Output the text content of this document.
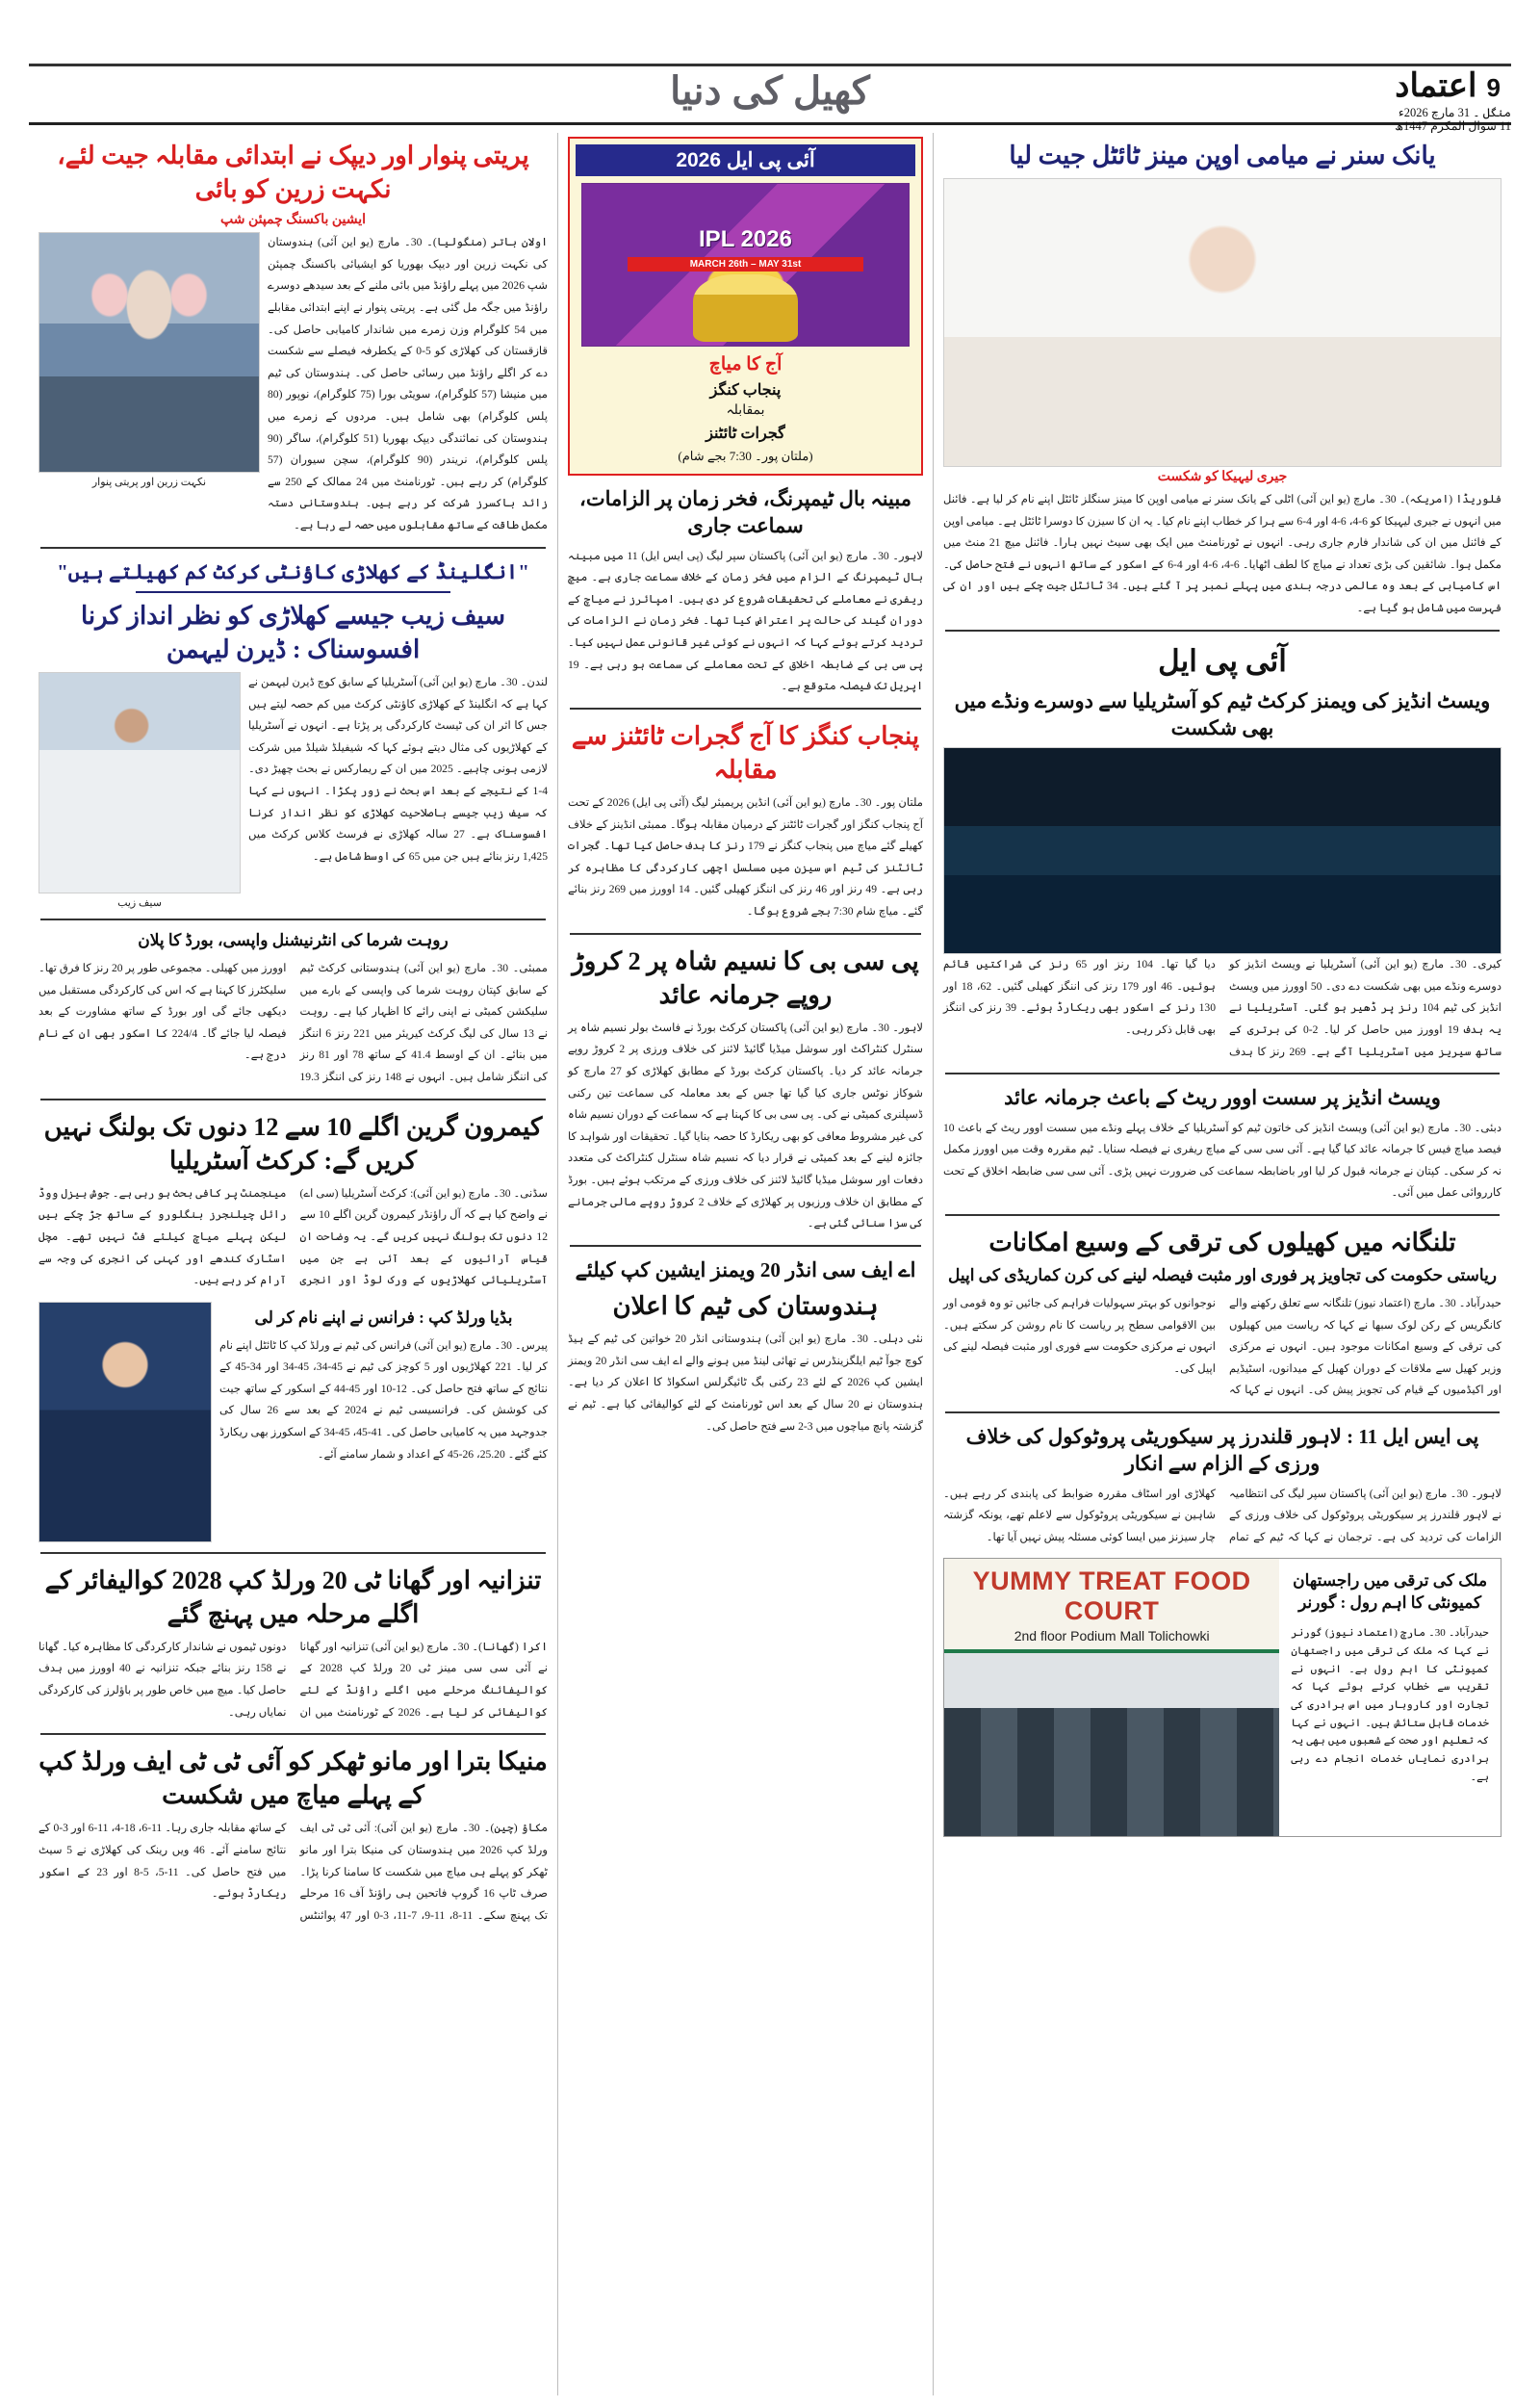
اعتماد 9
منگل ۔ 31 مارچ 2026ء
11 شوال المکرم 1447ھ
کھیل کی دنیا
یانک سنر نے میامی اوپن مینز ٹائٹل جیت لیا
جیری لیہیکا کو شکست
فلوریڈا (امریکہ)۔ 30۔ مارچ (یو این آئی) اٹلی کے یانک سنر نے میامی اوپن کا مینز سنگلز ٹائٹل اپنے نام کر لیا ہے۔ فائنل میں انہوں نے جیری لیہیکا کو 6-4، 6-4 اور 4-6 سے ہرا کر خطاب اپنے نام کیا۔ یہ ان کا سیزن کا دوسرا ٹائٹل ہے۔ میامی اوپن کے فائنل میں ان کی شاندار فارم جاری رہی۔ انہوں نے ٹورنامنٹ میں ایک بھی سیٹ نہیں ہارا۔ فائنل میچ 21 منٹ میں مکمل ہوا۔ شائقین کی بڑی تعداد نے میاچ کا لطف اٹھایا۔ 6-4، 6-4 اور 4-6 کے اسکور کے ساتھ انہوں نے فتح حاصل کی۔ اس کامیابی کے بعد وہ عالمی درجہ بندی میں پہلے نمبر پر آ گئے ہیں۔ 34 ٹائٹل جیت چکے ہیں اور ان کی فہرست میں شامل ہو گیا ہے۔
آئی پی ایل
ویسٹ انڈیز کی ویمنز کرکٹ ٹیم کو آسٹریلیا سے دوسرے ونڈے میں بھی شکست
کیری۔ 30۔ مارچ (یو این آئی) آسٹریلیا نے ویسٹ انڈیز کو دوسرے ونڈے میں بھی شکست دے دی۔ 50 اوورز میں ویسٹ انڈیز کی ٹیم 104 رنز پر ڈھیر ہو گئی۔ آسٹریلیا نے یہ ہدف 19 اوورز میں حاصل کر لیا۔ 2-0 کی برتری کے ساتھ سیریز میں آسٹریلیا آگے ہے۔ 269 رنز کا ہدف دیا گیا تھا۔ 104 رنز اور 65 رنز کی شراکتیں قائم ہوئیں۔ 46 اور 179 رنز کی اننگز کھیلی گئیں۔ 62، 18 اور 130 رنز کے اسکور بھی ریکارڈ ہوئے۔ 39 رنز کی اننگز بھی قابل ذکر رہی۔
ویسٹ انڈیز پر سست اوور ریٹ کے باعث جرمانہ عائد
دبئی۔ 30۔ مارچ (یو این آئی) ویسٹ انڈیز کی خاتون ٹیم کو آسٹریلیا کے خلاف پہلے ونڈے میں سست اوور ریٹ کے باعث 10 فیصد میاچ فیس کا جرمانہ عائد کیا گیا ہے۔ آئی سی سی کے میاچ ریفری نے فیصلہ سنایا۔ ٹیم مقررہ وقت میں اوورز مکمل نہ کر سکی۔ کپتان نے جرمانہ قبول کر لیا اور باضابطہ سماعت کی ضرورت نہیں پڑی۔ آئی سی سی ضابطہ اخلاق کے تحت کارروائی عمل میں آئی۔
تلنگانہ میں کھیلوں کی ترقی کے وسیع امکانات
ریاستی حکومت کی تجاویز پر فوری اور مثبت فیصلہ لینے کی کرن کماریڈی کی اپیل
حیدرآباد۔ 30۔ مارچ (اعتماد نیوز) تلنگانہ سے تعلق رکھنے والے کانگریس کے رکن لوک سبھا نے کہا کہ ریاست میں کھیلوں کی ترقی کے وسیع امکانات موجود ہیں۔ انہوں نے مرکزی وزیر کھیل سے ملاقات کے دوران کھیل کے میدانوں، اسٹیڈیم اور اکیڈمیوں کے قیام کی تجویز پیش کی۔ انہوں نے کہا کہ نوجوانوں کو بہتر سہولیات فراہم کی جائیں تو وہ قومی اور بین الاقوامی سطح پر ریاست کا نام روشن کر سکتے ہیں۔ انہوں نے مرکزی حکومت سے فوری اور مثبت فیصلہ لینے کی اپیل کی۔
پی ایس ایل 11 : لاہور قلندرز پر سیکوریٹی پروٹوکول کی خلاف ورزی کے الزام سے انکار
لاہور۔ 30۔ مارچ (یو این آئی) پاکستان سپر لیگ کی انتظامیہ نے لاہور قلندرز پر سیکوریٹی پروٹوکول کی خلاف ورزی کے الزامات کی تردید کی ہے۔ ترجمان نے کہا کہ ٹیم کے تمام کھلاڑی اور اسٹاف مقررہ ضوابط کی پابندی کر رہے ہیں۔ شاہین نے سیکوریٹی پروٹوکول سے لاعلم تھے، یونکہ گزشتہ چار سیزنز میں ایسا کوئی مسئلہ پیش نہیں آیا تھا۔
ملک کی ترقی میں راجستھان کمیونٹی کا اہم رول : گورنر
حیدرآباد۔ 30۔ مارچ (اعتماد نیوز) گورنر نے کہا کہ ملک کی ترقی میں راجستھان کمیونٹی کا اہم رول ہے۔ انہوں نے تقریب سے خطاب کرتے ہوئے کہا کہ تجارت اور کاروبار میں اس برادری کی خدمات قابل ستائش ہیں۔ انہوں نے کہا کہ تعلیم اور صحت کے شعبوں میں بھی یہ برادری نمایاں خدمات انجام دے رہی ہے۔
YUMMY TREAT FOOD COURT
2nd floor Podium Mall Tolichowki
آئی پی ایل 2026
IPL 2026
MARCH 26th – MAY 31st
آج کا میاچ
پنجاب کنگز
بمقابلہ
گجرات ٹائٹنز
(ملتان پور۔ 7:30 بجے شام)
مبینہ بال ٹیمپرنگ، فخر زمان پر الزامات، سماعت جاری
لاہور۔ 30۔ مارچ (یو این آئی) پاکستان سپر لیگ (پی ایس ایل) 11 میں مبینہ بال ٹیمپرنگ کے الزام میں فخر زمان کے خلاف سماعت جاری ہے۔ میچ ریفری نے معاملے کی تحقیقات شروع کر دی ہیں۔ امپائرز نے میاچ کے دوران گیند کی حالت پر اعتراض کیا تھا۔ فخر زمان نے الزامات کی تردید کرتے ہوئے کہا کہ انہوں نے کوئی غیر قانونی عمل نہیں کیا۔ پی سی بی کے ضابطہ اخلاق کے تحت معاملے کی سماعت ہو رہی ہے۔ 19 اپریل تک فیصلہ متوقع ہے۔
پنجاب کنگز کا آج گجرات ٹائٹنز سے مقابلہ
ملتان پور۔ 30۔ مارچ (یو این آئی) انڈین پریمیئر لیگ (آئی پی ایل) 2026 کے تحت آج پنجاب کنگز اور گجرات ٹائٹنز کے درمیان مقابلہ ہوگا۔ ممبئی انڈینز کے خلاف کھیلے گئے میاچ میں پنجاب کنگز نے 179 رنز کا ہدف حاصل کیا تھا۔ گجرات ٹائٹنز کی ٹیم اس سیزن میں مسلسل اچھی کارکردگی کا مظاہرہ کر رہی ہے۔ 49 رنز اور 46 رنز کی اننگز کھیلی گئیں۔ 14 اوورز میں 269 رنز بنائے گئے۔ میاچ شام 7:30 بجے شروع ہوگا۔
پی سی بی کا نسیم شاہ پر 2 کروڑ روپے جرمانہ عائد
لاہور۔ 30۔ مارچ (یو این آئی) پاکستان کرکٹ بورڈ نے فاسٹ بولر نسیم شاہ پر سنٹرل کنٹراکٹ اور سوشل میڈیا گائیڈ لائنز کی خلاف ورزی پر 2 کروڑ روپے جرمانہ عائد کر دیا۔ پاکستان کرکٹ بورڈ کے مطابق کھلاڑی کو 27 مارچ کو شوکاز نوٹس جاری کیا گیا تھا جس کے بعد معاملہ کی سماعت تین رکنی ڈسپلنری کمیٹی نے کی۔ پی سی بی کا کہنا ہے کہ سماعت کے دوران نسیم شاہ کی غیر مشروط معافی کو بھی ریکارڈ کا حصہ بنایا گیا۔ تحقیقات اور شواہد کا جائزہ لینے کے بعد کمیٹی نے قرار دیا کہ نسیم شاہ سنٹرل کنٹراکٹ کی متعدد دفعات اور سوشل میڈیا گائیڈ لائنز کی خلاف ورزی کے مرتکب ہوئے ہیں۔ بورڈ کے مطابق ان خلاف ورزیوں پر کھلاڑی کے خلاف 2 کروڑ روپے مالی جرمانے کی سزا سنائی گئی ہے۔
اے ایف سی انڈر 20 ویمنز ایشین کپ کیلئے
ہندوستان کی ٹیم کا اعلان
نئی دہلی۔ 30۔ مارچ (یو این آئی) ہندوستانی انڈر 20 خواتین کی ٹیم کے ہیڈ کوچ جوآ ٹیم ایلگزینڈرس نے تھائی لینڈ میں ہونے والے اے ایف سی انڈر 20 ویمنز ایشین کپ 2026 کے لئے 23 رکنی بگ ٹائیگرلس اسکواڈ کا اعلان کر دیا ہے۔ ہندوستان نے 20 سال کے بعد اس ٹورنامنٹ کے لئے کوالیفائی کیا ہے۔ ٹیم نے گزشتہ پانچ میاچوں میں 3-2 سے فتح حاصل کی۔
پریتی پنوار اور دیپک نے ابتدائی مقابلہ جیت لئے، نکہت زرین کو بائی
ایشین باکسنگ چمپئن شپ
اولان باتر (منگولیا)۔ 30۔ مارچ (یو این آئی) ہندوستان کی نکہت زرین اور دیپک بھوریا کو ایشیائی باکسنگ چمپئن شپ 2026 میں پہلے راؤنڈ میں بائی ملنے کے بعد سیدھے دوسرے راؤنڈ میں جگہ مل گئی ہے۔ پریتی پنوار نے اپنے ابتدائی مقابلے میں 54 کلوگرام وزن زمرے میں شاندار کامیابی حاصل کی۔ قازقستان کی کھلاڑی کو 5-0 کے یکطرفہ فیصلے سے شکست دے کر اگلے راؤنڈ میں رسائی حاصل کی۔ ہندوستان کی ٹیم میں منیشا (57 کلوگرام)، سویٹی بورا (75 کلوگرام)، نوپور (80 پلس کلوگرام) بھی شامل ہیں۔ مردوں کے زمرے میں ہندوستان کی نمائندگی دیپک بھوریا (51 کلوگرام)، ساگر (90 پلس کلوگرام)، نریندر (90 کلوگرام)، سچن سیوران (57 کلوگرام) کر رہے ہیں۔ ٹورنامنٹ میں 24 ممالک کے 250 سے زائد باکسرز شرکت کر رہے ہیں۔ ہندوستانی دستہ مکمل طاقت کے ساتھ مقابلوں میں حصہ لے رہا ہے۔
نکہت زرین اور پریتی پنوار
"انگلینڈ کے کھلاڑی کاؤنٹی کرکٹ کم کھیلتے ہیں"
سیف زیب جیسے کھلاڑی کو نظر انداز کرنا افسوسناک : ڈیرن لیہمن
لندن۔ 30۔ مارچ (یو این آئی) آسٹریلیا کے سابق کوچ ڈیرن لیہمن نے کہا ہے کہ انگلینڈ کے کھلاڑی کاؤنٹی کرکٹ میں کم حصہ لیتے ہیں جس کا اثر ان کی ٹیسٹ کارکردگی پر پڑتا ہے۔ انہوں نے آسٹریلیا کے کھلاڑیوں کی مثال دیتے ہوئے کہا کہ شیفیلڈ شیلڈ میں شرکت لازمی ہونی چاہیے۔ 2025 میں ان کے ریمارکس نے بحث چھیڑ دی۔ 4-1 کے نتیجے کے بعد اس بحث نے زور پکڑا۔ انہوں نے کہا کہ سیف زیب جیسے باصلاحیت کھلاڑی کو نظر انداز کرنا افسوسناک ہے۔ 27 سالہ کھلاڑی نے فرسٹ کلاس کرکٹ میں 1,425 رنز بنائے ہیں جن میں 65 کی اوسط شامل ہے۔
سیف زیب
روہت شرما کی انٹرنیشنل واپسی، بورڈ کا پلان
ممبئی۔ 30۔ مارچ (یو این آئی) ہندوستانی کرکٹ ٹیم کے سابق کپتان روہت شرما کی واپسی کے بارے میں سلیکشن کمیٹی نے اپنی رائے کا اظہار کیا ہے۔ روہت نے 13 سال کی لیگ کرکٹ کیریئر میں 221 رنز 6 اننگز میں بنائے۔ ان کے اوسط 41.4 کے ساتھ 78 اور 81 رنز کی اننگز شامل ہیں۔ انہوں نے 148 رنز کی اننگز 19.3 اوورز میں کھیلی۔ مجموعی طور پر 20 رنز کا فرق تھا۔ سلیکٹرز کا کہنا ہے کہ اس کی کارکردگی مستقبل میں دیکھی جائے گی اور بورڈ کے ساتھ مشاورت کے بعد فیصلہ لیا جائے گا۔ 224/4 کا اسکور بھی ان کے نام درج ہے۔
کیمرون گرین اگلے 10 سے 12 دنوں تک بولنگ نہیں کریں گے: کرکٹ آسٹریلیا
سڈنی۔ 30۔ مارچ (یو این آئی): کرکٹ آسٹریلیا (سی اے) نے واضح کیا ہے کہ آل راؤنڈر کیمرون گرین اگلے 10 سے 12 دنوں تک بولنگ نہیں کریں گے۔ یہ وضاحت ان قیاس آرائیوں کے بعد آئی ہے جن میں آسٹریلیائی کھلاڑیوں کے ورک لوڈ اور انجری مینجمنٹ پر کافی بحث ہو رہی ہے۔ جوش ہیزل ووڈ رائل چیلنجرز بنگلورو کے ساتھ جڑ چکے ہیں لیکن پہلے میاچ کیلئے فٹ نہیں تھے۔ مچل اسٹارک کندھے اور کہنی کی انجری کی وجہ سے آرام کر رہے ہیں۔
بڈیا ورلڈ کپ : فرانس نے اپنے نام کر لی
پیرس۔ 30۔ مارچ (یو این آئی) فرانس کی ٹیم نے ورلڈ کپ کا ٹائٹل اپنے نام کر لیا۔ 221 کھلاڑیوں اور 5 کوچز کی ٹیم نے 45-34، 45-34 اور 34-45 کے نتائج کے ساتھ فتح حاصل کی۔ 12-10 اور 45-44 کے اسکور کے ساتھ جیت کی کوشش کی۔ فرانسیسی ٹیم نے 2024 کے بعد سے 26 سال کی جدوجہد میں یہ کامیابی حاصل کی۔ 41-45، 45-34 کے اسکورز بھی ریکارڈ کئے گئے۔ 25.20، 26-45 کے اعداد و شمار سامنے آئے۔
تنزانیہ اور گھانا ٹی 20 ورلڈ کپ 2028 کوالیفائر کے اگلے مرحلہ میں پہنچ گئے
اکرا (گھانا)۔ 30۔ مارچ (یو این آئی) تنزانیہ اور گھانا نے آئی سی سی مینز ٹی 20 ورلڈ کپ 2028 کے کوالیفائنگ مرحلے میں اگلے راؤنڈ کے لئے کوالیفائی کر لیا ہے۔ 2026 کے ٹورنامنٹ میں ان دونوں ٹیموں نے شاندار کارکردگی کا مظاہرہ کیا۔ گھانا نے 158 رنز بنائے جبکہ تنزانیہ نے 40 اوورز میں ہدف حاصل کیا۔ میچ میں خاص طور پر باؤلرز کی کارکردگی نمایاں رہی۔
منیکا بترا اور مانو ٹھکر کو آئی ٹی ٹی ایف ورلڈ کپ کے پہلے میاچ میں شکست
مکاؤ (چین)۔ 30۔ مارچ (یو این آئی): آئی ٹی ٹی ایف ورلڈ کپ 2026 میں ہندوستان کی منیکا بترا اور مانو ٹھکر کو پہلے ہی میاچ میں شکست کا سامنا کرنا پڑا۔ صرف ٹاپ 16 گروپ فاتحین ہی راؤنڈ آف 16 مرحلے تک پہنچ سکے۔ 11-8، 11-9، 7-11، 3-0 اور 47 پوائنٹس کے ساتھ مقابلہ جاری رہا۔ 11-6، 18-4، 11-6 اور 3-0 کے نتائج سامنے آئے۔ 46 ویں رینک کی کھلاڑی نے 5 سیٹ میں فتح حاصل کی۔ 11-5، 5-8 اور 23 کے اسکور ریکارڈ ہوئے۔
